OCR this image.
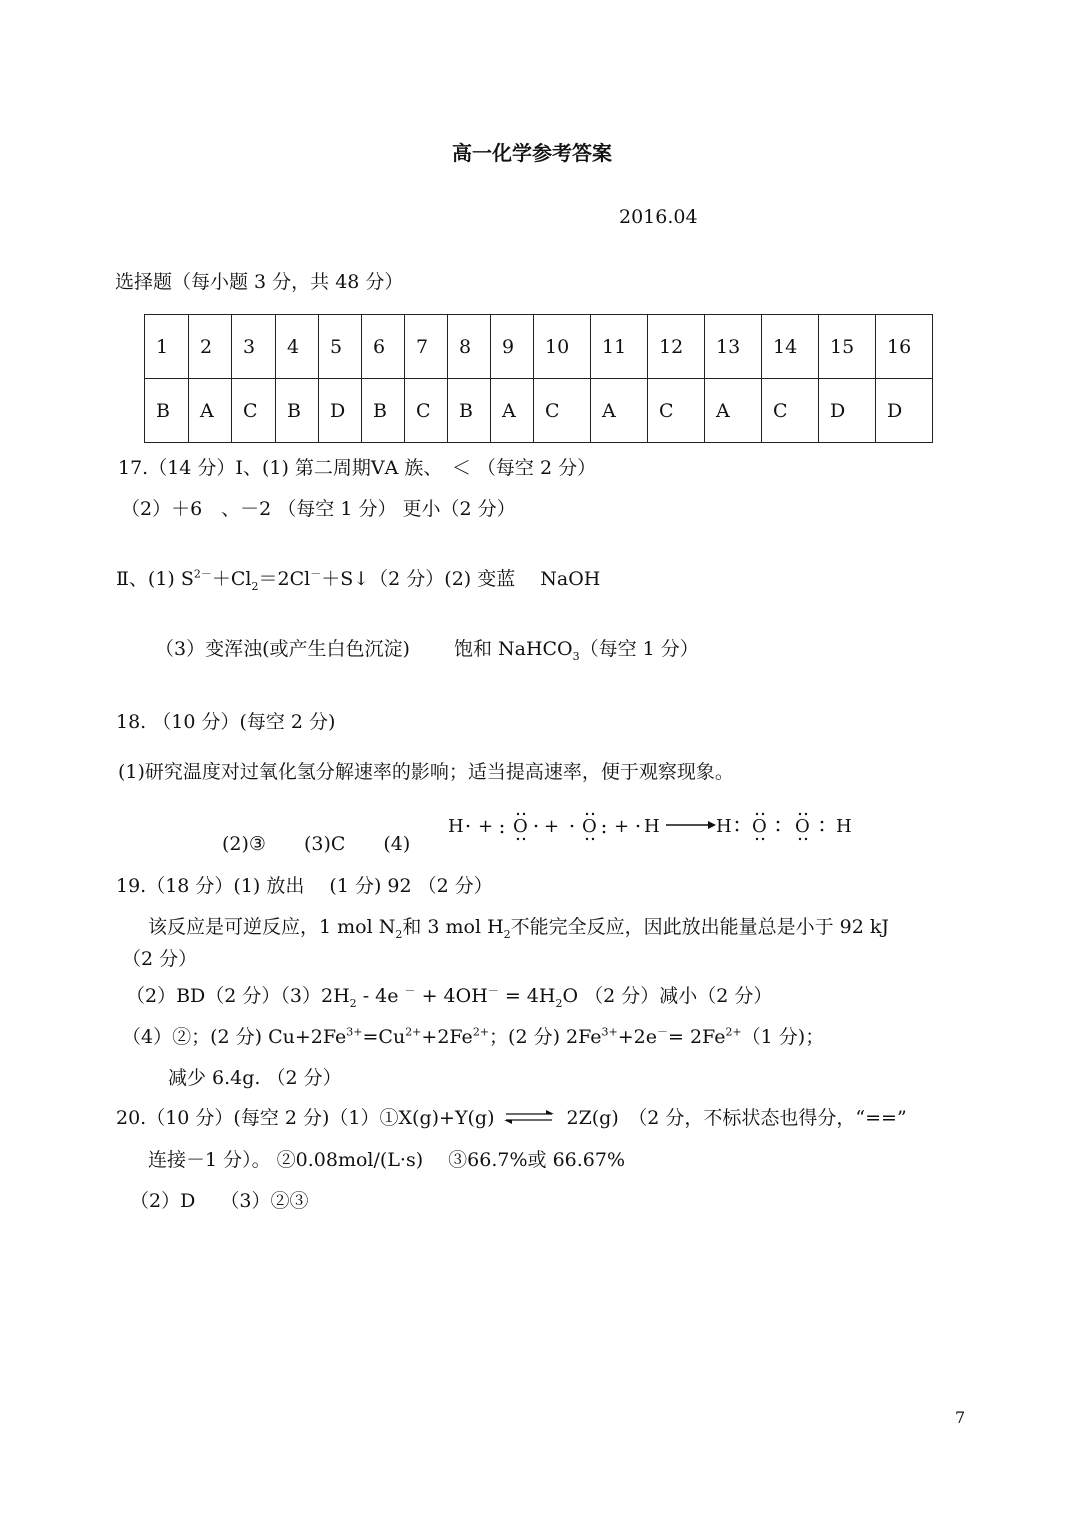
高一化学参考答案
2016.04
选择题（每小题 3 分，共 48 分）
1	2	3	4	5	6	7	8	9	10	11	12	13	14	15	16
B	A	C	B	D	B	C	B	A	C	A	C	A	C	D	D
17.（14 分）Ⅰ、(1) 第二周期ⅤA 族、　＜ （每空 2 分）
（2）＋6　、－2 （每空 1 分） 更小（2 分）
Ⅱ、(1) $S^{2-}+Cl_2=2Cl^-+S↓(2$ 分）(2) 变蓝　 NaOH
（3）变浑浊(或产生白色沉淀)　　 饱和 NaHCO$_3$（每空 1 分）
18. （10 分）(每空 2 分)
(1)研究温度对过氧化氢分解速率的影响；适当提高速率，便于观察现象。
(2)③　　(3)C　　(4)
H + O + O + H	H O O H
19.（18 分）(1) 放出　 (1 分) 92 （2 分）
该反应是可逆反应，1 mol $N_2$和 3 mol $H_2$不能完全反应，因此放出能量总是小于 92 kJ
（2 分）
（2）BD（2 分）$(3)2H_2 - 4e$ $^- + 4OH^- = 4H_2O$ （2 分）减小（2 分）
（4）②；(2 分) $Cu+2Fe^{3+}=Cu^{2+}+2Fe^{2+}$；(2 分) $2Fe^{3+}+2e^-= 2Fe^{2+}(1$ 分)；
减少 6.4g. （2 分）
20.（10 分）(每空 2 分)（1）①X(g)+Y(g) ⇌ 2Z(g)　（2 分，不标状态也得分，“==”
连接－1 分）。 ②0.08mol/(L·s)　 ③66.7%或 66.67%
（2）D　 （3）②③
7
